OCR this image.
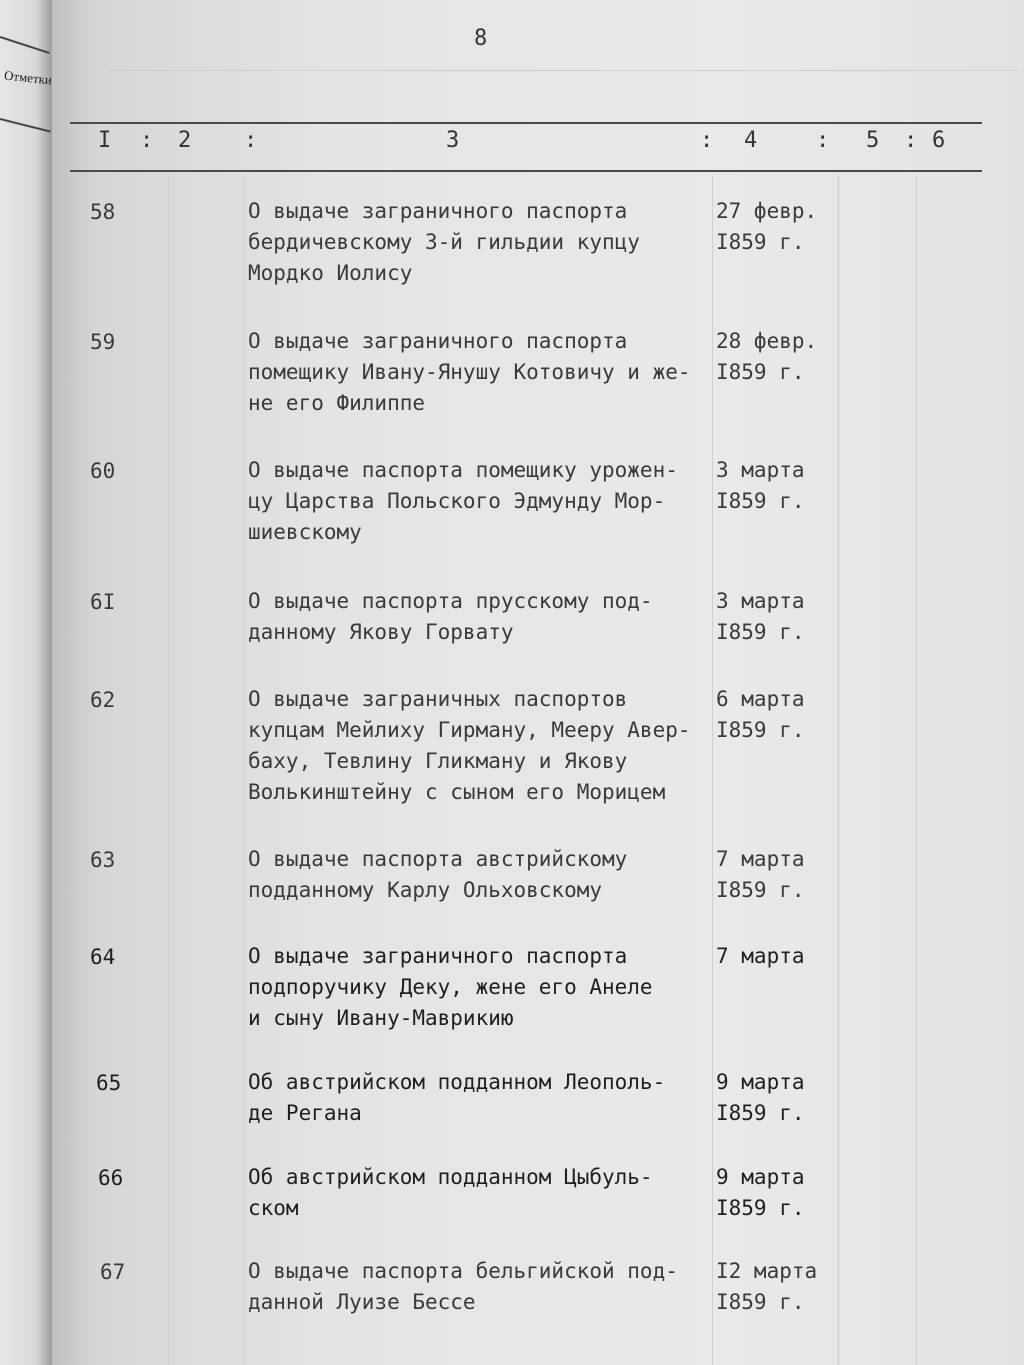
Отметки
8
I : 2 :	3	: 4	: 5 : 6
58	О выдаче заграничного паспорта
бердичевскому 3-й гильдии купцу
Мордко Иолису
27 февр.
I859 г.
59	О выдаче заграничного паспорта
помещику Ивану-Янушу Котовичу и же-
не его Филиппе
28 февр.
I859 г.
60	О выдаче паспорта помещику урожен-
цу Царства Польского Эдмунду Мор-
шиевскому
3 марта
I859 г.
6I	О выдаче паспорта прусскому под-
данному Якову Горвату
3 марта
I859 г.
62	О выдаче заграничных паспортов
купцам Мейлиху Гирману, Мееру Авер-
баху, Тевлину Гликману и Якову
Волькинштейну с сыном его Морицем
6 марта
I859 г.
63	О выдаче паспорта австрийскому
подданному Карлу Ольховскому
7 марта
I859 г.
64	О выдаче заграничного паспорта
подпоручику Деку, жене его Анеле
и сыну Ивану-Маврикию
7 марта
65	Об австрийском подданном Леополь-
де Регана
9 марта
I859 г.
66	Об австрийском подданном Цыбуль-
ском
9 марта
I859 г.
67	О выдаче паспорта бельгийской под-
данной Луизе Бессе
I2 марта
I859 г.
